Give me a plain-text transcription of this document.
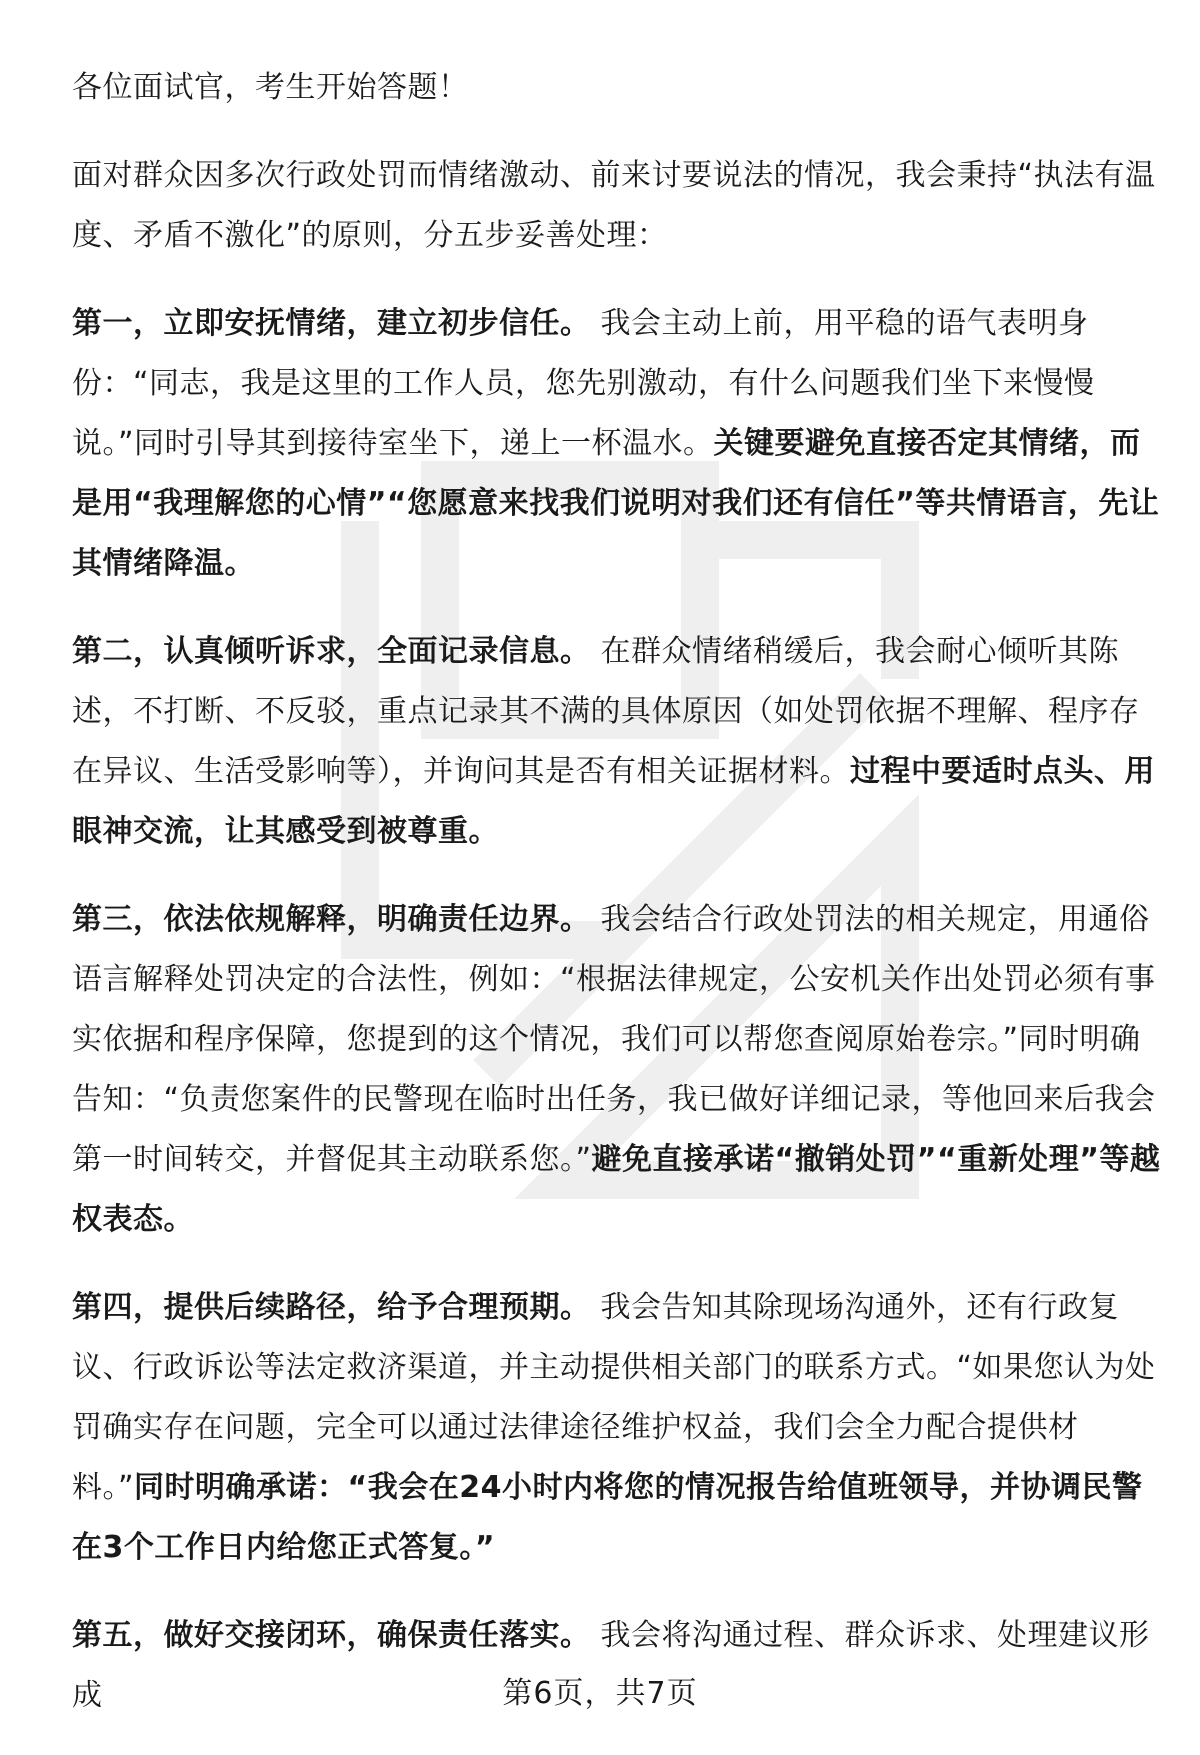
各位面试官，考生开始答题！

面对群众因多次行政处罚而情绪激动、前来讨要说法的情况，我会秉持“执法有温度、矛盾不激化”的原则，分五步妥善处理：

第一，立即安抚情绪，建立初步信任。 我会主动上前，用平稳的语气表明身份：“同志，我是这里的工作人员，您先别激动，有什么问题我们坐下来慢慢说。”同时引导其到接待室坐下，递上一杯温水。关键要避免直接否定其情绪，而是用“我理解您的心情”“您愿意来找我们说明对我们还有信任”等共情语言，先让其情绪降温。

第二，认真倾听诉求，全面记录信息。 在群众情绪稍缓后，我会耐心倾听其陈述，不打断、不反驳，重点记录其不满的具体原因（如处罚依据不理解、程序存在异议、生活受影响等），并询问其是否有相关证据材料。过程中要适时点头、用眼神交流，让其感受到被尊重。

第三，依法依规解释，明确责任边界。 我会结合行政处罚法的相关规定，用通俗语言解释处罚决定的合法性，例如：“根据法律规定，公安机关作出处罚必须有事实依据和程序保障，您提到的这个情况，我们可以帮您查阅原始卷宗。”同时明确告知：“负责您案件的民警现在临时出任务，我已做好详细记录，等他回来后我会第一时间转交，并督促其主动联系您。”避免直接承诺“撤销处罚”“重新处理”等越权表态。

第四，提供后续路径，给予合理预期。 我会告知其除现场沟通外，还有行政复议、行政诉讼等法定救济渠道，并主动提供相关部门的联系方式。“如果您认为处罚确实存在问题，完全可以通过法律途径维护权益，我们会全力配合提供材料。”同时明确承诺：“我会在24小时内将您的情况报告给值班领导，并协调民警在3个工作日内给您正式答复。”

第五，做好交接闭环，确保责任落实。 我会将沟通过程、群众诉求、处理建议形成	第6页，共7页
